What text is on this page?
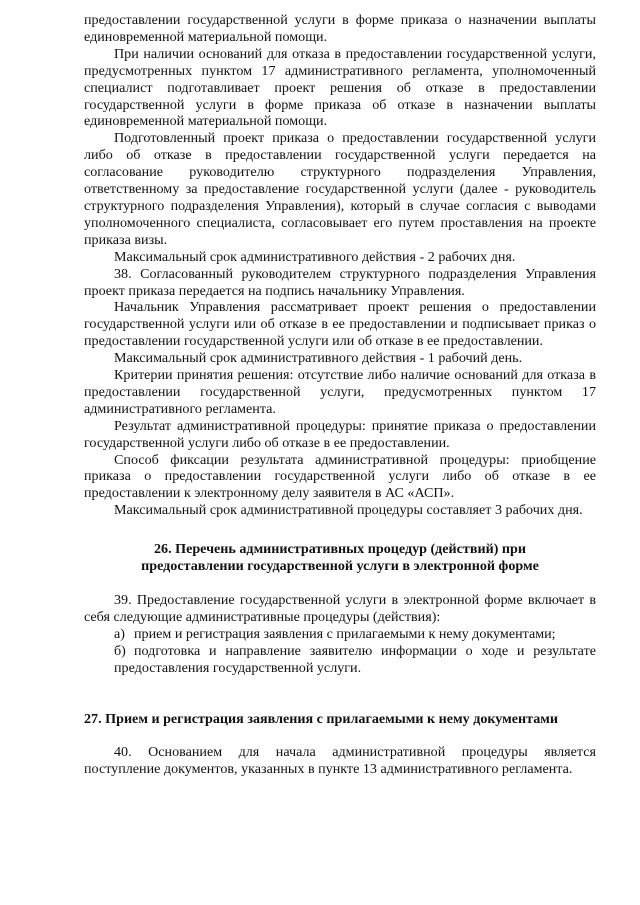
предоставлении государственной услуги в форме приказа о назначении выплаты единовременной материальной помощи.

При наличии оснований для отказа в предоставлении государственной услуги, предусмотренных пунктом 17 административного регламента, уполномоченный специалист подготавливает проект решения об отказе в предоставлении государственной услуги в форме приказа об отказе в назначении выплаты единовременной материальной помощи.

Подготовленный проект приказа о предоставлении государственной услуги либо об отказе в предоставлении государственной услуги передается на согласование руководителю структурного подразделения Управления, ответственному за предоставление государственной услуги (далее - руководитель структурного подразделения Управления), который в случае согласия с выводами уполномоченного специалиста, согласовывает его путем проставления на проекте приказа визы.

Максимальный срок административного действия - 2 рабочих дня.

38. Согласованный руководителем структурного подразделения Управления проект приказа передается на подпись начальнику Управления.

Начальник Управления рассматривает проект решения о предоставлении государственной услуги или об отказе в ее предоставлении и подписывает приказ о предоставлении государственной услуги или об отказе в ее предоставлении.

Максимальный срок административного действия - 1 рабочий день.

Критерии принятия решения: отсутствие либо наличие оснований для отказа в предоставлении государственной услуги, предусмотренных пунктом 17 административного регламента.

Результат административной процедуры: принятие приказа о предоставлении государственной услуги либо об отказе в ее предоставлении.

Способ фиксации результата административной процедуры: приобщение приказа о предоставлении государственной услуги либо об отказе в ее предоставлении к электронному делу заявителя в АС «АСП».

Максимальный срок административной процедуры составляет 3 рабочих дня.

26. Перечень административных процедур (действий) при
предоставлении государственной услуги в электронной форме

39. Предоставление государственной услуги в электронной форме включает в себя следующие административные процедуры (действия):

а) прием и регистрация заявления с прилагаемыми к нему документами;

б) подготовка и направление заявителю информации о ходе и результате предоставления государственной услуги.

27. Прием и регистрация заявления с прилагаемыми к нему документами

40. Основанием для начала административной процедуры является поступление документов, указанных в пункте 13 административного регламента.
